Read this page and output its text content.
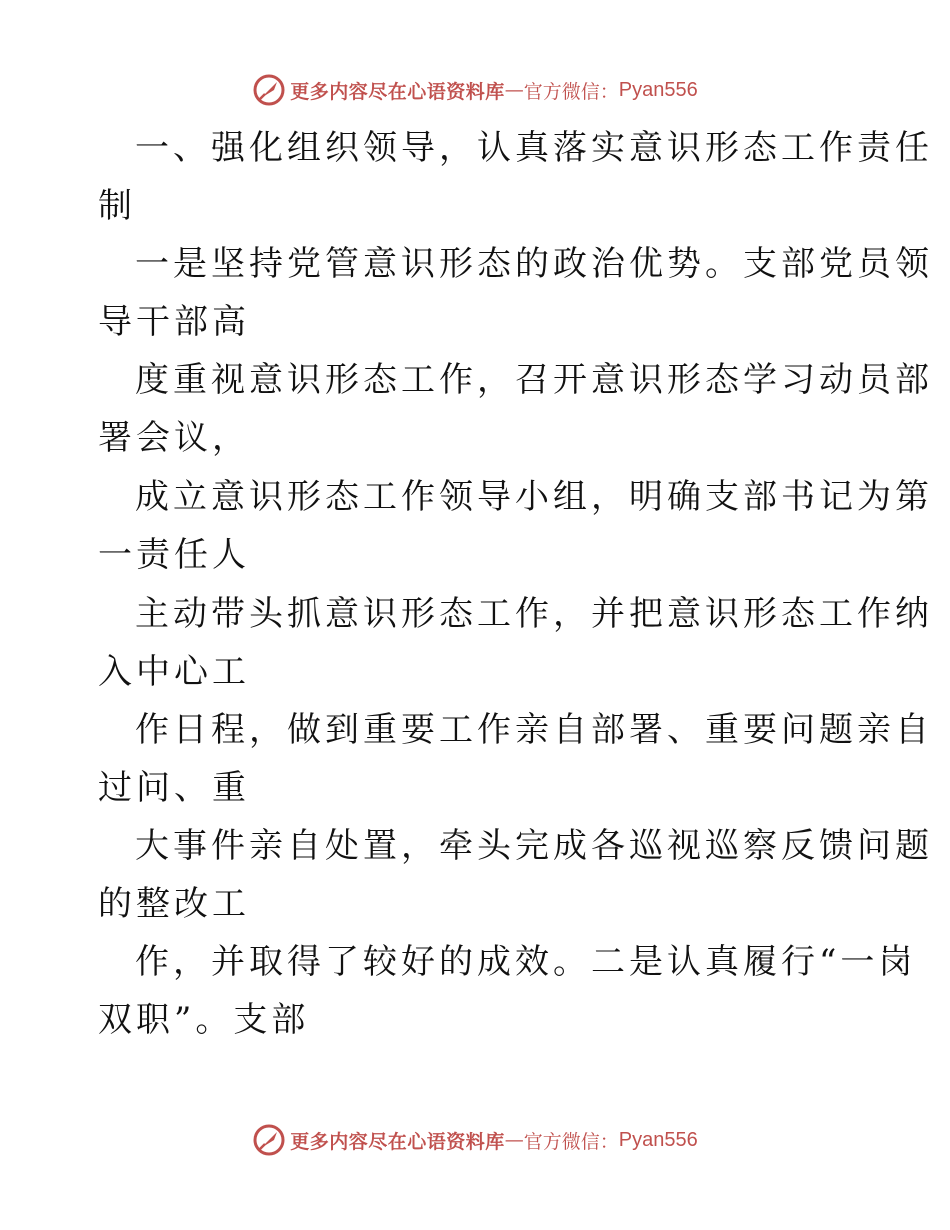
更多内容尽在心语资料库 — 官方微信： Pyan556
一、强化组织领导，认真落实意识形态工作责任
制
一是坚持党管意识形态的政治优势。支部党员领
导干部高
度重视意识形态工作，召开意识形态学习动员部
署会议，
成立意识形态工作领导小组，明确支部书记为第
一责任人
主动带头抓意识形态工作，并把意识形态工作纳
入中心工
作日程，做到重要工作亲自部署、重要问题亲自
过问、重
大事件亲自处置，牵头完成各巡视巡察反馈问题
的整改工
作，并取得了较好的成效。二是认真履行“一岗
双职”。支部
更多内容尽在心语资料库 — 官方微信： Pyan556
